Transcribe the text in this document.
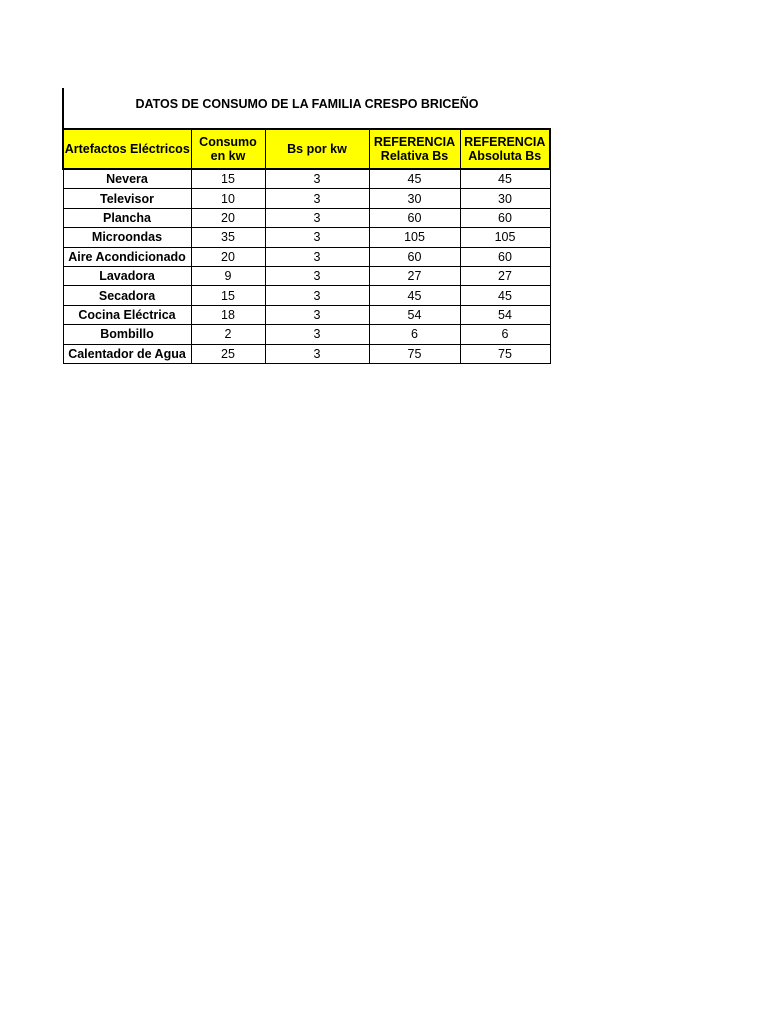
DATOS DE CONSUMO DE LA FAMILIA CRESPO BRICEÑO
Artefactos Eléctricos	Consumo en kw	Bs por kw	REFERENCIA Relativa Bs	REFERENCIA Absoluta Bs
Nevera	15	3	45	45
Televisor	10	3	30	30
Plancha	20	3	60	60
Microondas	35	3	105	105
Aire Acondicionado	20	3	60	60
Lavadora	9	3	27	27
Secadora	15	3	45	45
Cocina Eléctrica	18	3	54	54
Bombillo	2	3	6	6
Calentador de Agua	25	3	75	75
